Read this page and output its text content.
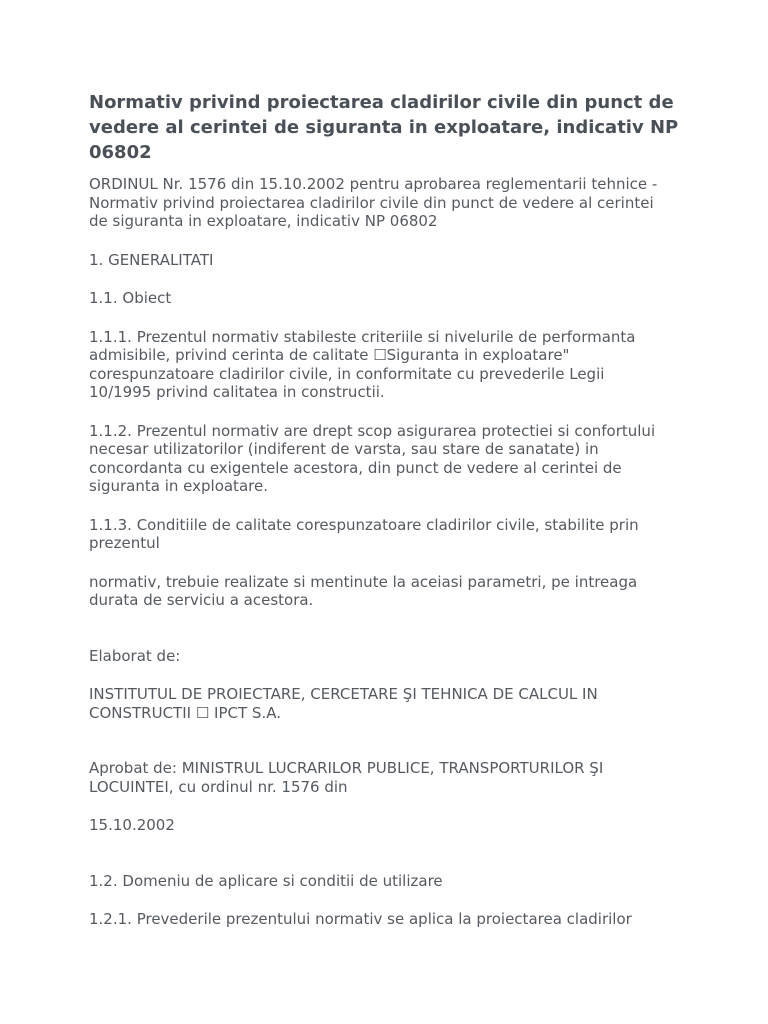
Normativ privind proiectarea cladirilor civile din punct de
vedere al cerintei de siguranta in exploatare, indicativ NP
06802

ORDINUL Nr. 1576 din 15.10.2002 pentru aprobarea reglementarii tehnice -
Normativ privind proiectarea cladirilor civile din punct de vedere al cerintei
de siguranta in exploatare, indicativ NP 06802

1. GENERALITATI

1.1. Obiect

1.1.1. Prezentul normativ stabileste criteriile si nivelurile de performanta
admisibile, privind cerinta de calitate ☐Siguranta in exploatare"
corespunzatoare cladirilor civile, in conformitate cu prevederile Legii
10/1995 privind calitatea in constructii.

1.1.2. Prezentul normativ are drept scop asigurarea protectiei si confortului
necesar utilizatorilor (indiferent de varsta, sau stare de sanatate) in
concordanta cu exigentele acestora, din punct de vedere al cerintei de
siguranta in exploatare.

1.1.3. Conditiile de calitate corespunzatoare cladirilor civile, stabilite prin
prezentul

normativ, trebuie realizate si mentinute la aceiasi parametri, pe intreaga
durata de serviciu a acestora.

Elaborat de:

INSTITUTUL DE PROIECTARE, CERCETARE ŞI TEHNICA DE CALCUL IN
CONSTRUCTII ☐ IPCT S.A.

Aprobat de: MINISTRUL LUCRARILOR PUBLICE, TRANSPORTURILOR ŞI
LOCUINTEI, cu ordinul nr. 1576 din

15.10.2002

1.2. Domeniu de aplicare si conditii de utilizare

1.2.1. Prevederile prezentului normativ se aplica la proiectarea cladirilor
